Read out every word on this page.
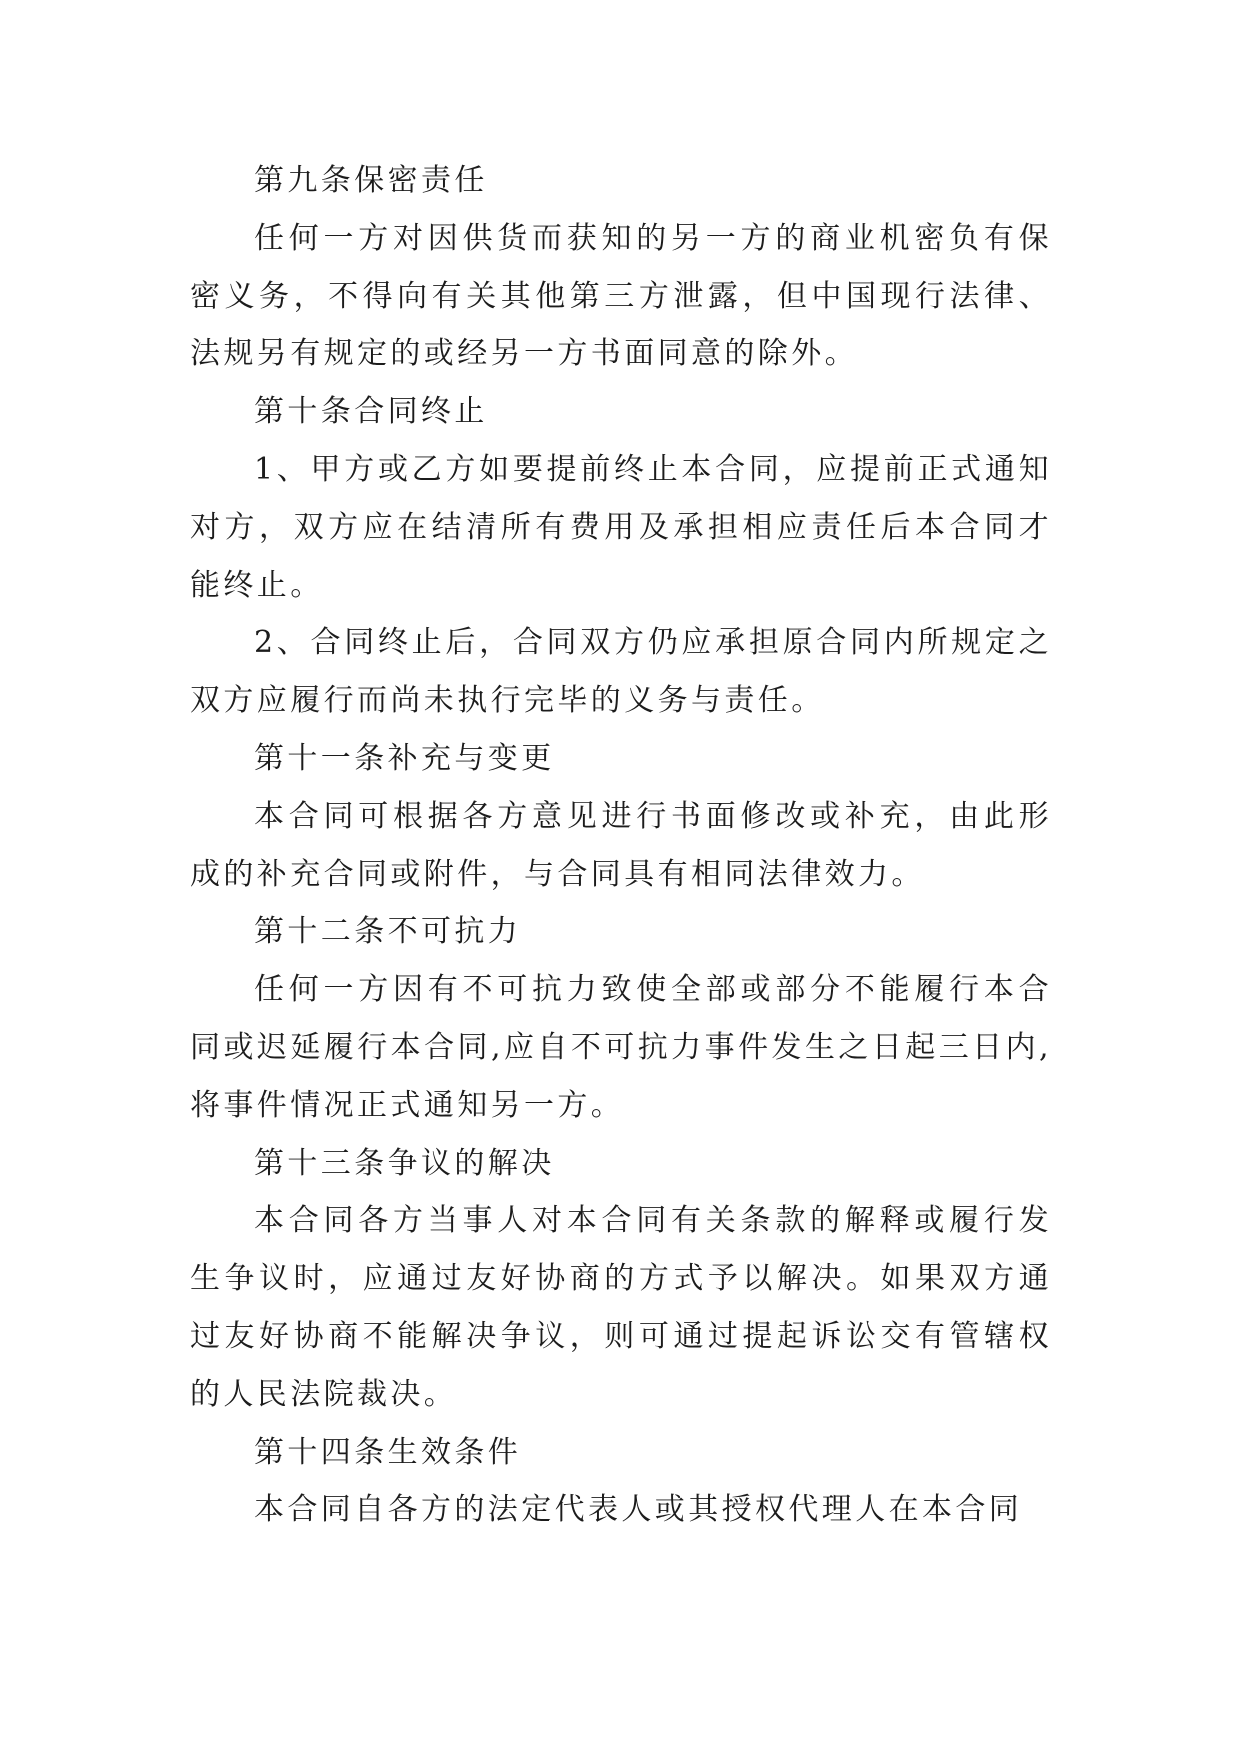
第九条保密责任

任何一方对因供货而获知的另一方的商业机密负有保密义务，不得向有关其他第三方泄露，但中国现行法律、法规另有规定的或经另一方书面同意的除外。

第十条合同终止

1、甲方或乙方如要提前终止本合同，应提前正式通知对方，双方应在结清所有费用及承担相应责任后本合同才能终止。

2、合同终止后，合同双方仍应承担原合同内所规定之双方应履行而尚未执行完毕的义务与责任。

第十一条补充与变更

本合同可根据各方意见进行书面修改或补充，由此形成的补充合同或附件，与合同具有相同法律效力。

第十二条不可抗力

任何一方因有不可抗力致使全部或部分不能履行本合同或迟延履行本合同,应自不可抗力事件发生之日起三日内,将事件情况正式通知另一方。

第十三条争议的解决

本合同各方当事人对本合同有关条款的解释或履行发生争议时，应通过友好协商的方式予以解决。如果双方通过友好协商不能解决争议，则可通过提起诉讼交有管辖权的人民法院裁决。

第十四条生效条件

本合同自各方的法定代表人或其授权代理人在本合同
